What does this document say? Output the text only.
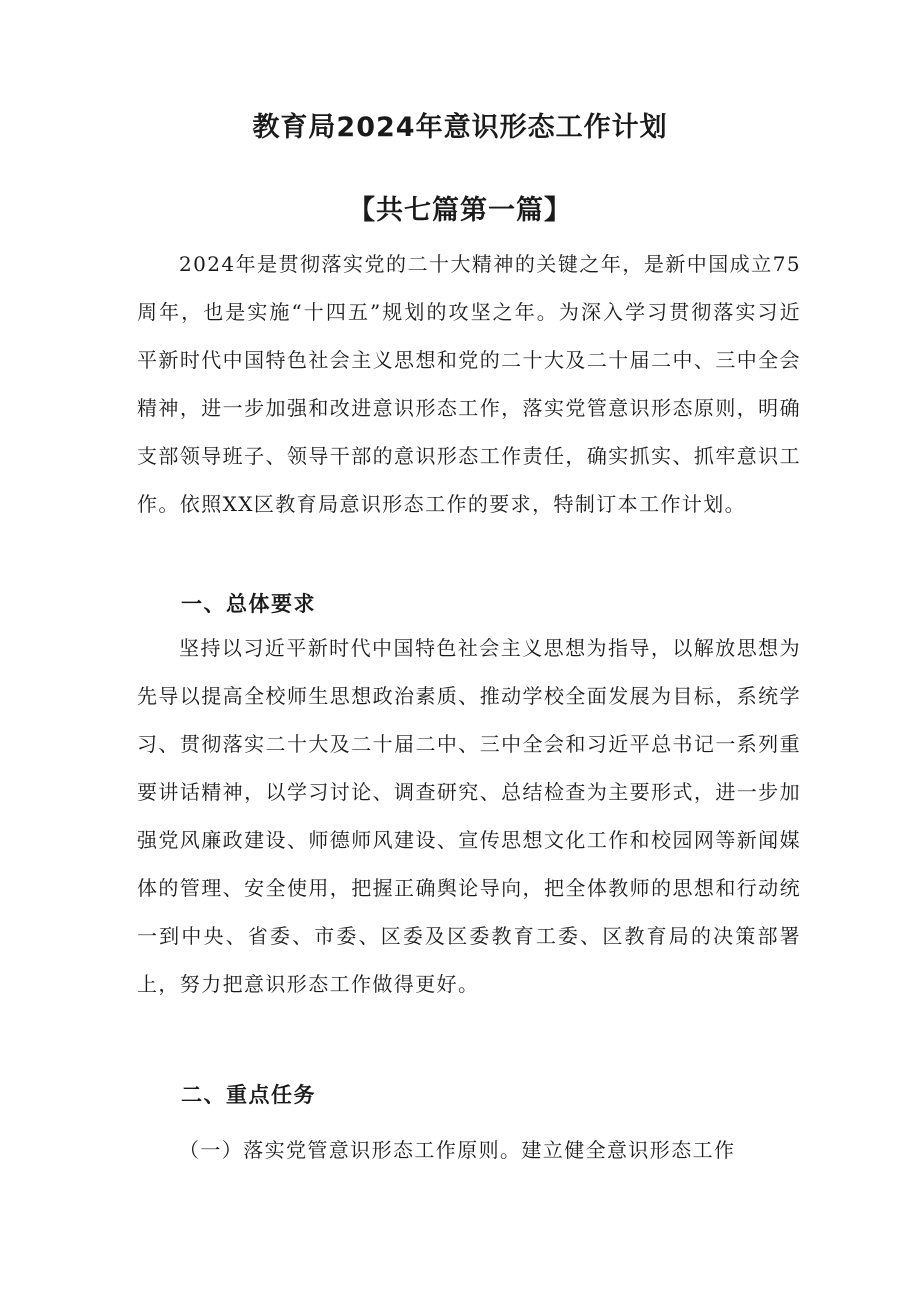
教育局2024年意识形态工作计划
【共七篇第一篇】

2024年是贯彻落实党的二十大精神的关键之年，是新中国成立75周年，也是实施“十四五”规划的攻坚之年。为深入学习贯彻落实习近平新时代中国特色社会主义思想和党的二十大及二十届二中、三中全会精神，进一步加强和改进意识形态工作，落实党管意识形态原则，明确支部领导班子、领导干部的意识形态工作责任，确实抓实、抓牢意识工作。依照XX区教育局意识形态工作的要求，特制订本工作计划。

一、总体要求

坚持以习近平新时代中国特色社会主义思想为指导，以解放思想为先导以提高全校师生思想政治素质、推动学校全面发展为目标，系统学习、贯彻落实二十大及二十届二中、三中全会和习近平总书记一系列重要讲话精神，以学习讨论、调查研究、总结检查为主要形式，进一步加强党风廉政建设、师德师风建设、宣传思想文化工作和校园网等新闻媒体的管理、安全使用，把握正确舆论导向，把全体教师的思想和行动统一到中央、省委、市委、区委及区委教育工委、区教育局的决策部署上，努力把意识形态工作做得更好。

二、重点任务

（一）落实党管意识形态工作原则。建立健全意识形态工作
